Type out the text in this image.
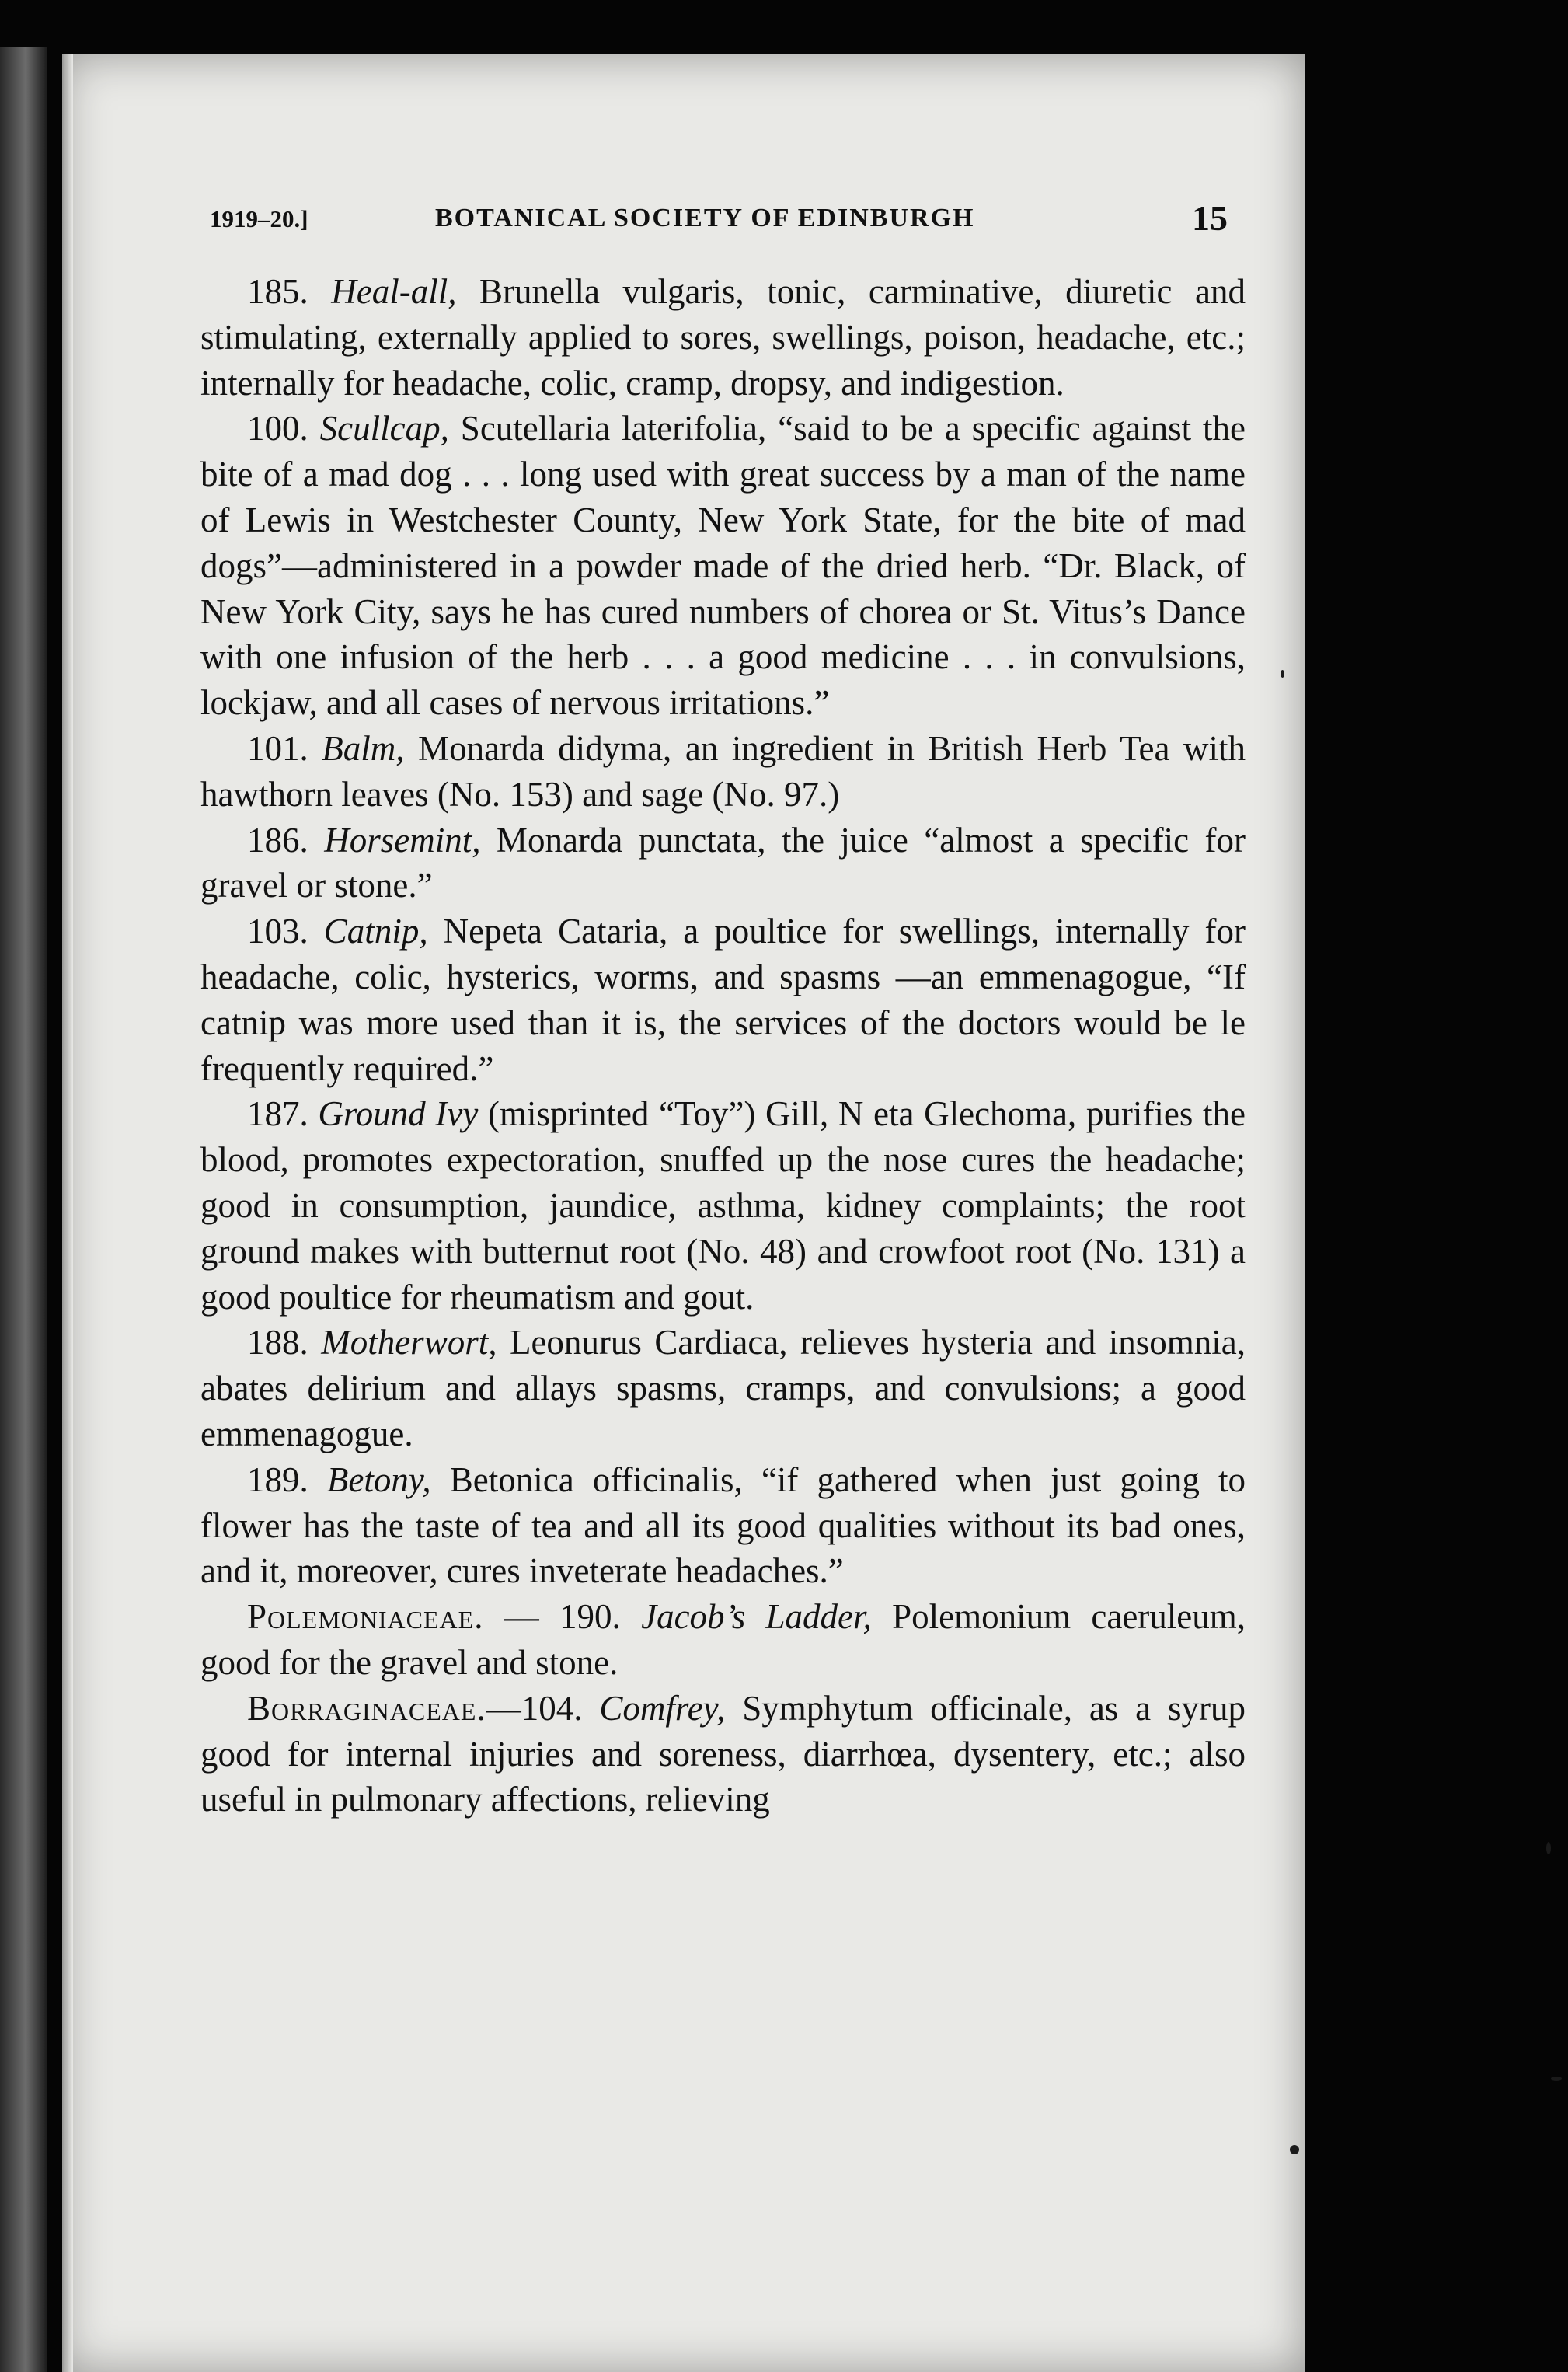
1919–20.]	BOTANICAL SOCIETY OF EDINBURGH	15

185. Heal-all, Brunella vulgaris, tonic, carminative, diuretic and stimulating, externally applied to sores, swellings, poison, headache, etc.; internally for headache, colic, cramp, dropsy, and indigestion.

100. Scullcap, Scutellaria laterifolia, “said to be a specific against the bite of a mad dog . . . long used with great success by a man of the name of Lewis in Westchester County, New York State, for the bite of mad dogs”—administered in a powder made of the dried herb. “Dr. Black, of New York City, says he has cured numbers of chorea or St. Vitus’s Dance with one infusion of the herb . . . a good medicine . . . in convulsions, lockjaw, and all cases of nervous irritations.”

101. Balm, Monarda didyma, an ingredient in British Herb Tea with hawthorn leaves (No. 153) and sage (No. 97.)

186. Horsemint, Monarda punctata, the juice “almost a specific for gravel or stone.”

103. Catnip, Nepeta Cataria, a poultice for swellings, internally for headache, colic, hysterics, worms, and spasms —an emmenagogue, “If catnip was more used than it is, the services of the doctors would be le frequently required.”

187. Ground Ivy (misprinted “Toy”) Gill, N eta Glechoma, purifies the blood, promotes expectoration, snuffed up the nose cures the headache; good in consumption, jaundice, asthma, kidney complaints; the root ground makes with butternut root (No. 48) and crowfoot root (No. 131) a good poultice for rheumatism and gout.

188. Motherwort, Leonurus Cardiaca, relieves hysteria and insomnia, abates delirium and allays spasms, cramps, and convulsions; a good emmenagogue.

189. Betony, Betonica officinalis, “if gathered when just going to flower has the taste of tea and all its good qualities without its bad ones, and it, moreover, cures inveterate headaches.”

Polemoniaceae. — 190. Jacob’s Ladder, Polemonium caeruleum, good for the gravel and stone.

Borraginaceae.—104. Comfrey, Symphytum officinale, as a syrup good for internal injuries and soreness, diarrhœa, dysentery, etc.; also useful in pulmonary affections, relieving
